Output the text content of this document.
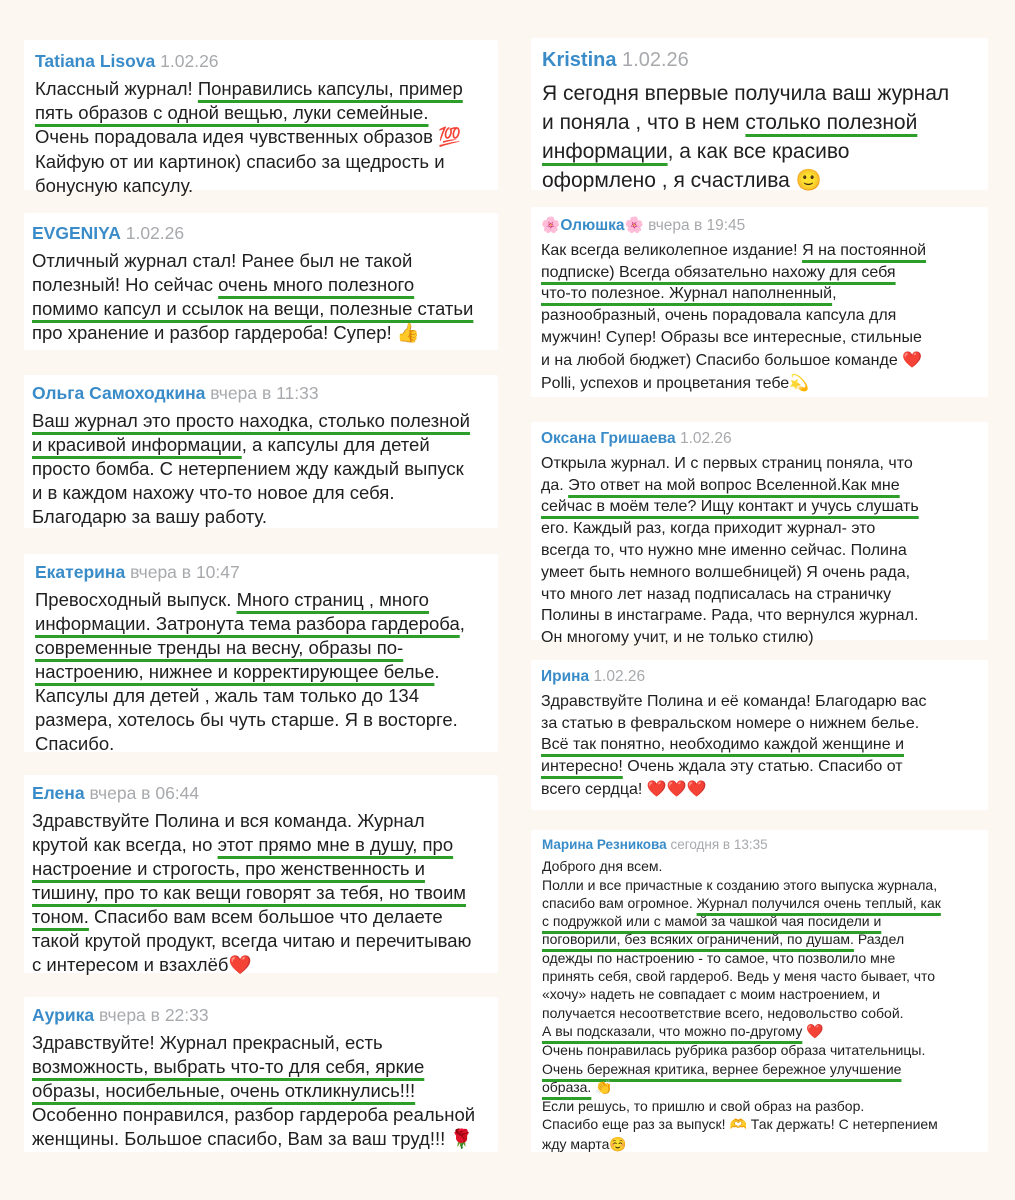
Tatiana Lisova 1.02.26
Классный журнал! Понравились капсулы, пример
пять образов с одной вещью, луки семейные.
Очень порадовала идея чувственных образов 💯
Кайфую от ии картинок) спасибо за щедрость и
бонусную капсулу.
Kristina 1.02.26
Я сегодня впервые получила ваш журнал
и поняла , что в нем столько полезной
информации, а как все красиво
оформлено , я счастлива 🙂
EVGENIYA 1.02.26
Отличный журнал стал! Ранее был не такой
полезный! Но сейчас очень много полезного
помимо капсул и ссылок на вещи, полезные статьи
про хранение и разбор гардероба! Супер! 👍
🌸Олюшка🌸 вчера в 19:45
Как всегда великолепное издание! Я на постоянной
подписке) Всегда обязательно нахожу для себя
что-то полезное. Журнал наполненный,
разнообразный, очень порадовала капсула для
мужчин! Супер! Образы все интересные, стильные
и на любой бюджет) Спасибо большое команде ❤️
Polli, успехов и процветания тебе💫
Ольга Самоходкина вчера в 11:33
Ваш журнал это просто находка, столько полезной
и красивой информации, а капсулы для детей
просто бомба. С нетерпением жду каждый выпуск
и в каждом нахожу что-то новое для себя.
Благодарю за вашу работу.
Оксана Гришаева 1.02.26
Открыла журнал. И с первых страниц поняла, что
да. Это ответ на мой вопрос Вселенной.Как мне
сейчас в моём теле? Ищу контакт и учусь слушать
его. Каждый раз, когда приходит журнал- это
всегда то, что нужно мне именно сейчас. Полина
умеет быть немного волшебницей) Я очень рада,
что много лет назад подписалась на страничку
Полины в инстаграме. Рада, что вернулся журнал.
Он многому учит, и не только стилю)
Екатерина вчера в 10:47
Превосходный выпуск. Много страниц , много
информации. Затронута тема разбора гардероба,
современные тренды на весну, образы по-
настроению, нижнее и корректирующее белье.
Капсулы для детей , жаль там только до 134
размера, хотелось бы чуть старше. Я в восторге.
Спасибо.
Ирина 1.02.26
Здравствуйте Полина и её команда! Благодарю вас
за статью в февральском номере о нижнем белье.
Всё так понятно, необходимо каждой женщине и
интересно! Очень ждала эту статью. Спасибо от
всего сердца! ❤️❤️❤️
Елена вчера в 06:44
Здравствуйте Полина и вся команда. Журнал
крутой как всегда, но этот прямо мне в душу, про
настроение и строгость, про женственность и
тишину, про то как вещи говорят за тебя, но твоим
тоном. Спасибо вам всем большое что делаете
такой крутой продукт, всегда читаю и перечитываю
с интересом и взахлёб❤️
Марина Резникова сегодня в 13:35
Доброго дня всем.
Полли и все причастные к созданию этого выпуска журнала,
спасибо вам огромное. Журнал получился очень теплый, как
с подружкой или с мамой за чашкой чая посидели и
поговорили, без всяких ограничений, по душам. Раздел
одежды по настроению - то самое, что позволило мне
принять себя, свой гардероб. Ведь у меня часто бывает, что
«хочу» надеть не совпадает с моим настроением, и
получается несоответствие всего, недовольство собой.
А вы подсказали, что можно по-другому ❤️
Очень понравилась рубрика разбор образа читательницы.
Очень бережная критика, вернее бережное улучшение
образа. 👏
Если решусь, то пришлю и свой образ на разбор.
Спасибо еще раз за выпуск! 🫶 Так держать! С нетерпением
жду марта☺️
Аурика вчера в 22:33
Здравствуйте! Журнал прекрасный, есть
возможность, выбрать что-то для себя, яркие
образы, носибельные, очень откликнулись!!!
Особенно понравился, разбор гардероба реальной
женщины. Большое спасибо, Вам за ваш труд!!! 🌹
